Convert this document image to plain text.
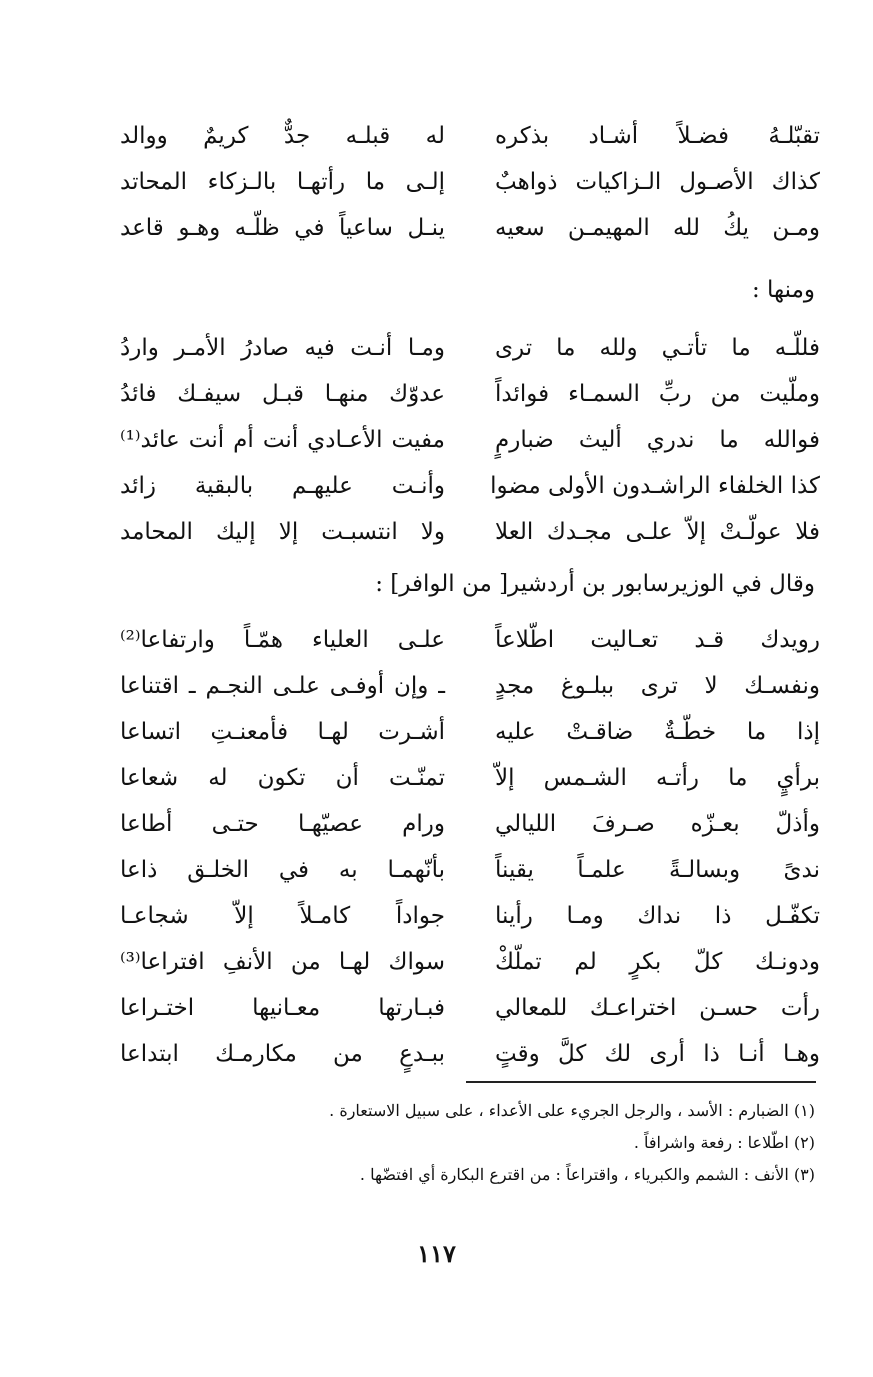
تقبّلـهُ فضـلاً أشـاد بذكره
له قبلـه جدٌّ كريمٌ ووالد
كذاك الأصـول الـزاكيات ذواهبٌ
إلـى ما رأتهـا بالـزكاء المحاتد
ومـن يكُ لله المهيمـن سعيه
ينـل ساعياً في ظلّـه وهـو قاعد
ومنها :
فللّـه ما تأتـي ولله ما ترى
ومـا أنـت فيه صادرُ الأمـر واردُ
وملّيت من ربِّ السمـاء فوائداً
عدوّك منهـا قبـل سيفـك فائدُ
فوالله ما ندري أليث ضبارمٍ
مفيت الأعـادي أنت أم أنت عائد⁽¹⁾
كذا الخلفاء الراشـدون الأولى مضوا
وأنـت عليهـم بالبقية زائد
فلا عولّـتْ إلاّ علـى مجـدك العلا
ولا انتسبـت إلا إليك المحامد
وقال في الوزيرسابور بن أردشير[ من الوافر] :
رويدك قـد تعـاليت اطّلاعاً
علـى العلياء همّـاً وارتفاعا⁽²⁾
ونفسـك لا ترى ببلـوغ مجدٍ
ـ وإن أوفـى علـى النجـم ـ اقتناعا
إذا ما خطّـةٌ ضاقـتْ عليه
أشـرت لهـا فأمعنـتِ اتساعا
برأيٍ ما رأتـه الشـمس إلاّ
تمنّـت أن تكون له شعاعا
وأذلّ بعـزّه صـرفَ الليالي
ورام عصيّهـا حتـى أطاعا
ندىً وبسالـةً علمـاً يقيناً
بأنّهمـا به في الخلـق ذاعا
تكفّـل ذا نداك ومـا رأينا
جواداً كامـلاً إلاّ شجاعـا
ودونـك كلّ بكرٍ لم تملّكْ
سواك لهـا من الأنفِ افتراعا⁽³⁾
رأت حسـن اختراعـك للمعالي
فبـارتها معـانيها اختـراعا
وهـا أنـا ذا أرى لك كلَّ وقتٍ
ببـدعٍ من مكارمـك ابتداعا
(١) الضبارم : الأسد ، والرجل الجريء على الأعداء ، على سبيل الاستعارة .
(٢) اطّلاعا : رفعة واشرافاً .
(٣) الأنف : الشمم والكبرياء ، واقتراعاً : من اقترع البكارة أي افتضّها .
١١٧
